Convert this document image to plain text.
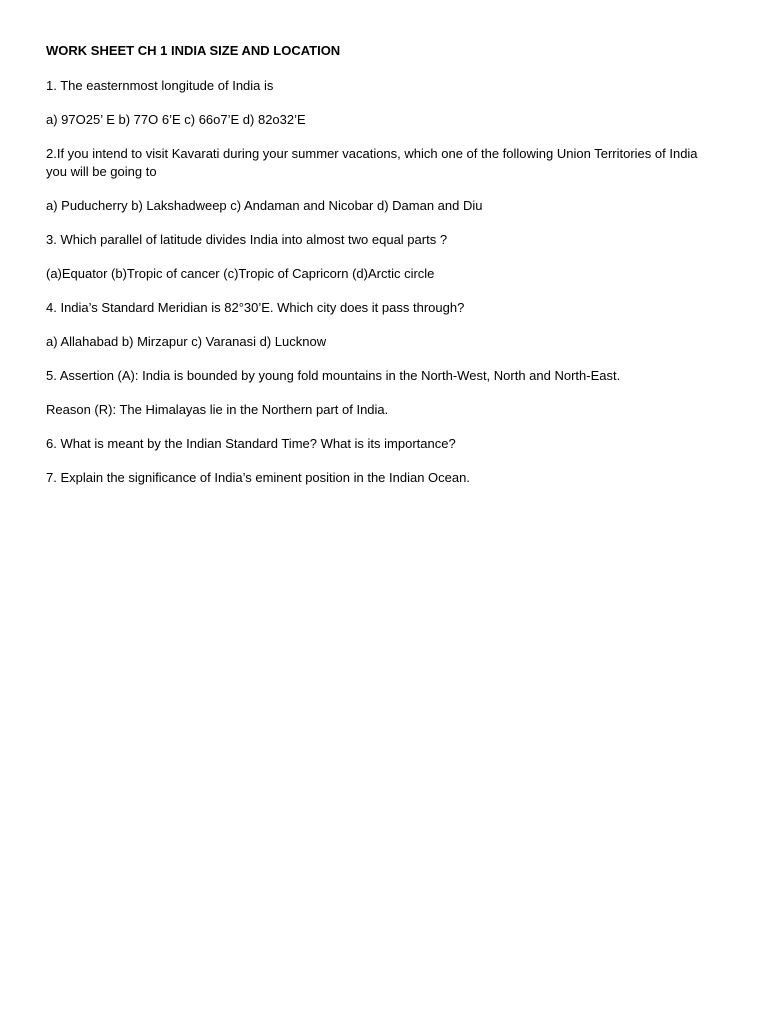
WORK SHEET CH 1 INDIA SIZE AND LOCATION
1. The easternmost longitude of India is
a) 97O25’ E b) 77O 6’E c) 66o7’E d) 82o32’E
2.If you intend to visit Kavarati during your summer vacations, which one of the following Union Territories of India you will be going to
a) Puducherry b) Lakshadweep c) Andaman and Nicobar d) Daman and Diu
3. Which parallel of latitude divides India into almost two equal parts ?
(a)Equator (b)Tropic of cancer (c)Tropic of Capricorn (d)Arctic circle
4. India’s Standard Meridian is 82°30’E. Which city does it pass through?
a) Allahabad b) Mirzapur c) Varanasi d) Lucknow
5. Assertion (A): India is bounded by young fold mountains in the North-West, North and North-East.
Reason (R): The Himalayas lie in the Northern part of India.
6. What is meant by the Indian Standard Time? What is its importance?
7. Explain the significance of India’s eminent position in the Indian Ocean.
